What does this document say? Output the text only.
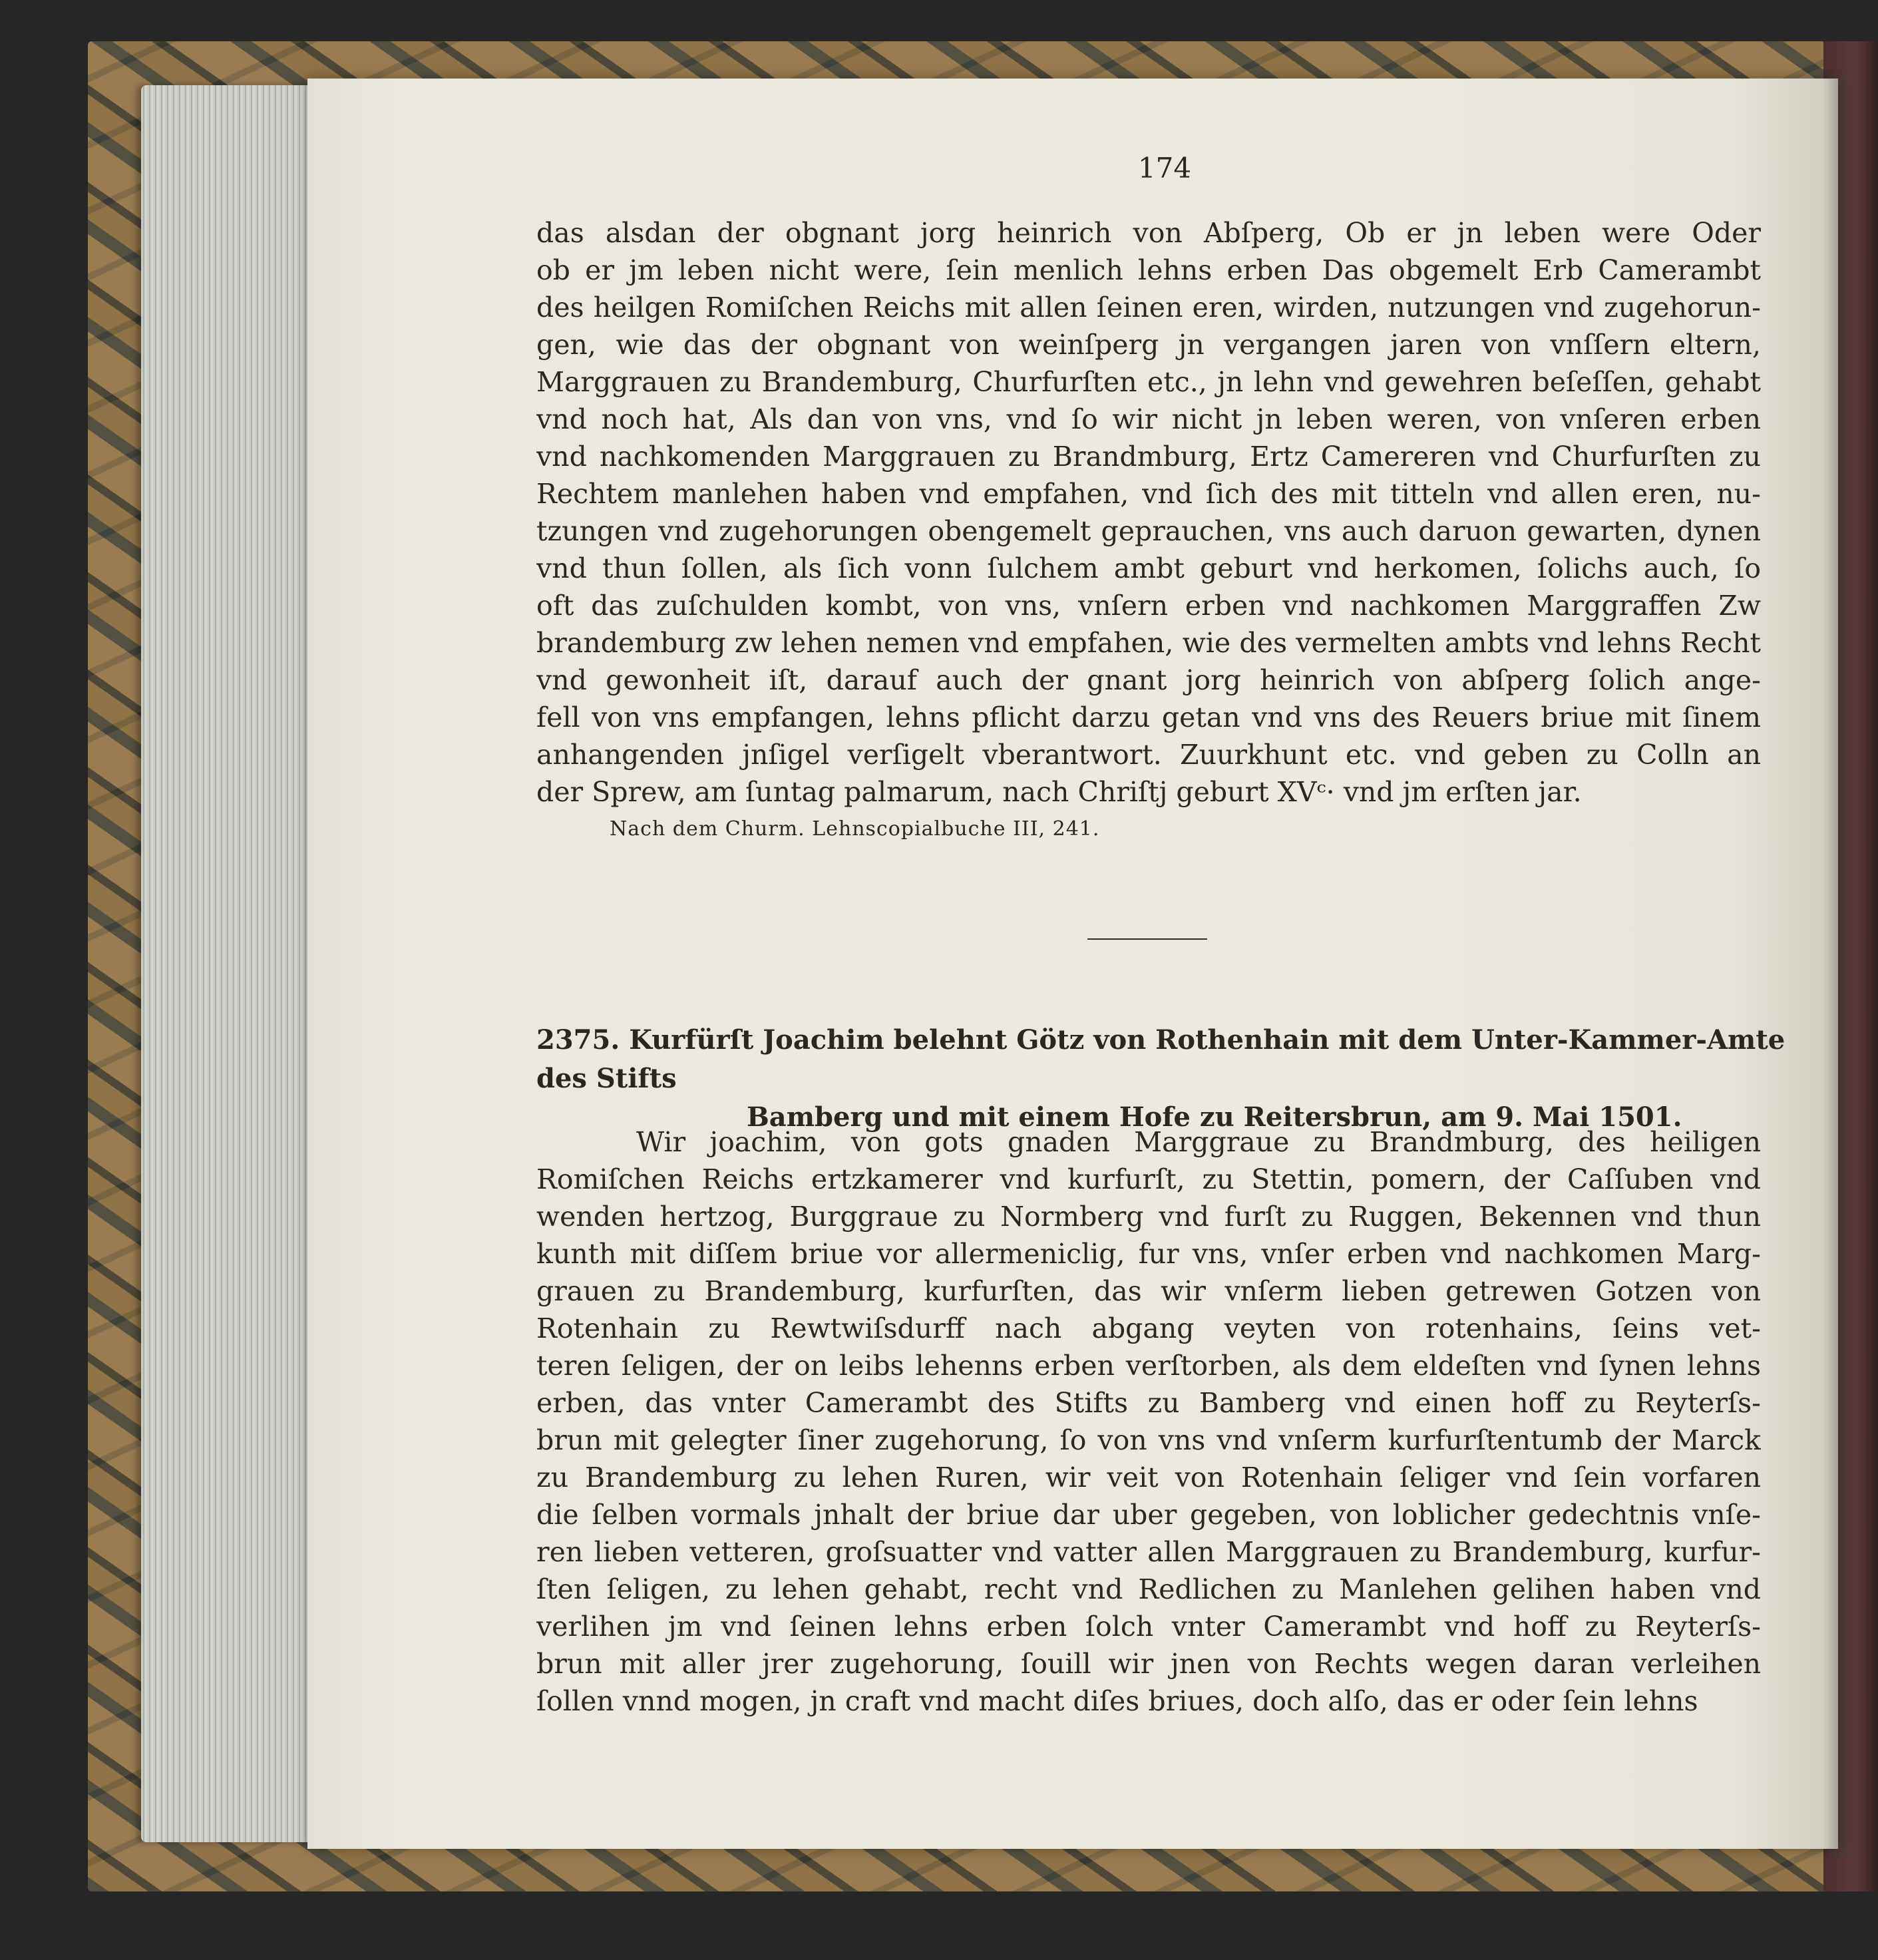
174
das alsdan der obgnant jorg heinrich von Abſperg, Ob er jn leben were Oder
ob er jm leben nicht were, ſein menlich lehns erben Das obgemelt Erb Camerambt
des heilgen Romiſchen Reichs mit allen ſeinen eren, wirden, nutzungen vnd zugehorun-
gen, wie das der obgnant von weinſperg jn vergangen jaren von vnſſern eltern,
Marggrauen zu Brandemburg, Churfurſten etc., jn lehn vnd gewehren beſeſſen, gehabt
vnd noch hat, Als dan von vns, vnd ſo wir nicht jn leben weren, von vnſeren erben
vnd nachkomenden Marggrauen zu Brandmburg, Ertz Camereren vnd Churfurſten zu
Rechtem manlehen haben vnd empfahen, vnd ſich des mit titteln vnd allen eren, nu-
tzungen vnd zugehorungen obengemelt geprauchen, vns auch daruon gewarten, dynen
vnd thun ſollen, als ſich vonn ſulchem ambt geburt vnd herkomen, ſolichs auch, ſo
oft das zuſchulden kombt, von vns, vnſern erben vnd nachkomen Marggraffen Zw
brandemburg zw lehen nemen vnd empfahen, wie des vermelten ambts vnd lehns Recht
vnd gewonheit iſt, darauf auch der gnant jorg heinrich von abſperg ſolich ange-
fell von vns empfangen, lehns pflicht darzu getan vnd vns des Reuers briue mit ſinem
anhangenden jnſigel verſigelt vberantwort. Zuurkhunt etc. vnd geben zu Colln an
der Sprew, am ſuntag palmarum, nach Chriſtj geburt XVᶜ· vnd jm erſten jar.
Nach dem Churm. Lehnscopialbuche III, 241.
2375. Kurfürſt Joachim belehnt Götz von Rothenhain mit dem Unter-Kammer-Amte des Stifts
Bamberg und mit einem Hofe zu Reitersbrun, am 9. Mai 1501.
Wir joachim, von gots gnaden Marggraue zu Brandmburg, des heiligen
Romiſchen Reichs ertzkamerer vnd kurfurſt, zu Stettin, pomern, der Caſſuben vnd
wenden hertzog, Burggraue zu Normberg vnd furſt zu Ruggen, Bekennen vnd thun
kunth mit diſſem briue vor allermeniclig, fur vns, vnſer erben vnd nachkomen Marg-
grauen zu Brandemburg, kurfurſten, das wir vnſerm lieben getrewen Gotzen von
Rotenhain zu Rewtwiſsdurff nach abgang veyten von rotenhains, ſeins vet-
teren ſeligen, der on leibs lehenns erben verſtorben, als dem eldeſten vnd ſynen lehns
erben, das vnter Camerambt des Stifts zu Bamberg vnd einen hoff zu Reyterſs-
brun mit gelegter ſiner zugehorung, ſo von vns vnd vnſerm kurfurſtentumb der Marck
zu Brandemburg zu lehen Ruren, wir veit von Rotenhain ſeliger vnd ſein vorfaren
die ſelben vormals jnhalt der briue dar uber gegeben, von loblicher gedechtnis vnſe-
ren lieben vetteren, groſsuatter vnd vatter allen Marggrauen zu Brandemburg, kurfur-
ſten ſeligen, zu lehen gehabt, recht vnd Redlichen zu Manlehen gelihen haben vnd
verlihen jm vnd ſeinen lehns erben ſolch vnter Camerambt vnd hoff zu Reyterſs-
brun mit aller jrer zugehorung, ſouill wir jnen von Rechts wegen daran verleihen
ſollen vnnd mogen, jn craft vnd macht diſes briues, doch alſo, das er oder ſein lehns
